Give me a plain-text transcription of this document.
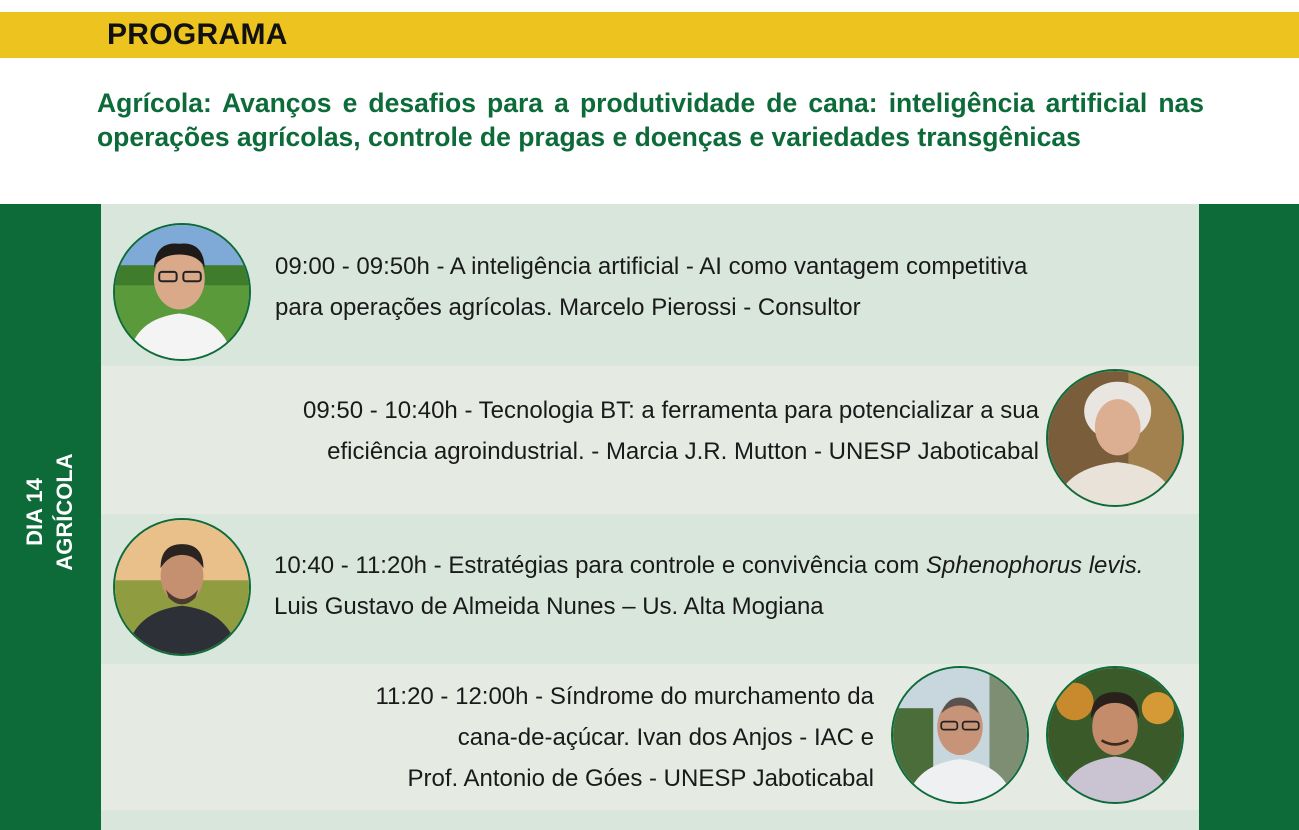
PROGRAMA
Agrícola: Avanços e desafios para a produtividade de cana: inteligência artificial nas operações agrícolas, controle de pragas e doenças e variedades transgênicas
DIA 14 AGRÍCOLA
09:00 - 09:50h - A inteligência artificial - AI como vantagem competitiva
para operações agrícolas. Marcelo Pierossi - Consultor
09:50 - 10:40h - Tecnologia BT: a ferramenta para potencializar a sua
eficiência agroindustrial. - Marcia J.R. Mutton - UNESP Jaboticabal
10:40 - 11:20h - Estratégias para controle e convivência com Sphenophorus levis.
Luis Gustavo de Almeida Nunes – Us. Alta Mogiana
11:20 - 12:00h - Síndrome do murchamento da
cana-de-açúcar. Ivan dos Anjos - IAC e
Prof. Antonio de Góes - UNESP Jaboticabal
